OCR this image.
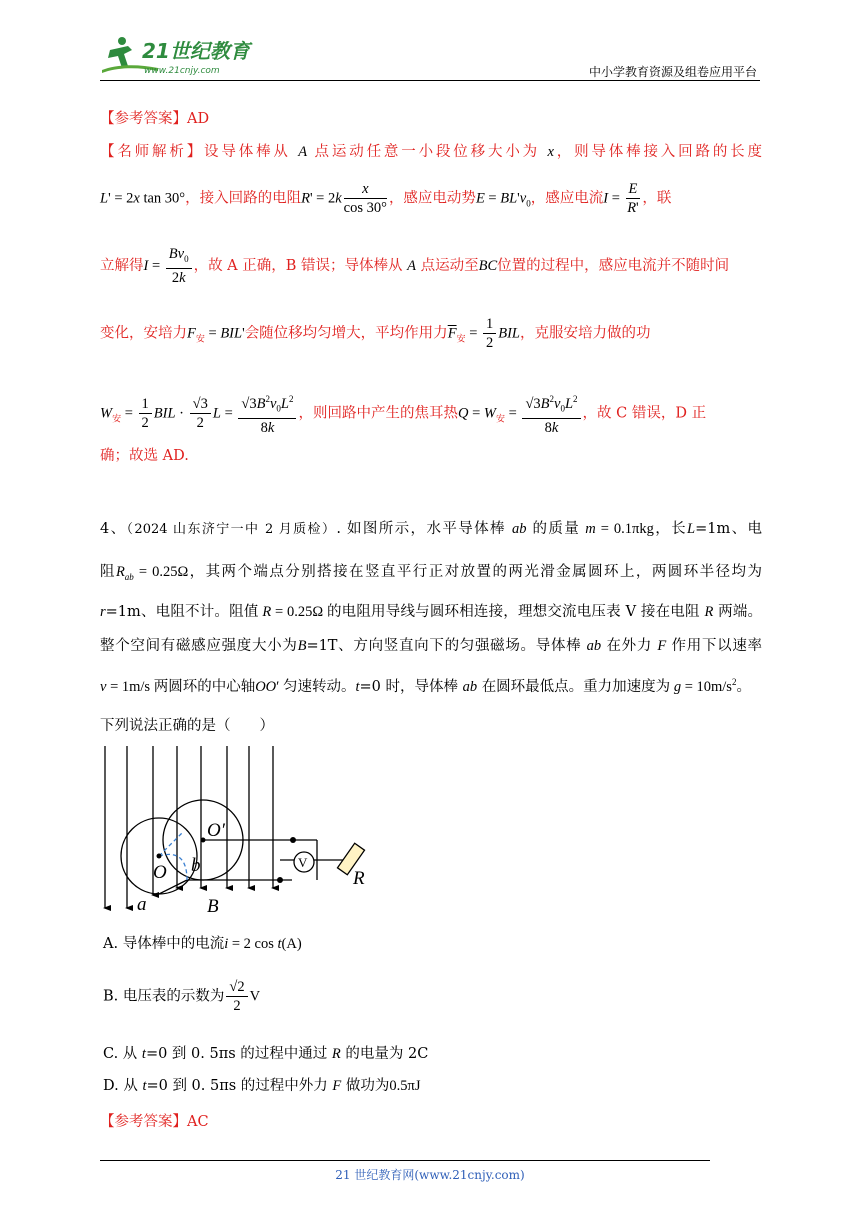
21世纪教育
www.21cnjy.com	中小学教育资源及组卷应用平台
【参考答案】AD
【名师解析】设导体棒从 A 点运动任意一小段位移大小为 x，则导体棒接入回路的长度
L' = 2x tan 30°，接入回路的电阻$R' = 2k \frac{x}{\cos 30^\circ}$ ，感应电动势$E = BL'v_0$，感应电流$I = \frac{E}{R'}$ ，联
立解得$I = \frac{Bv_0}{2k}$ ，故 A 正确，B 错误；导体棒从 A 点运动至BC位置的过程中，感应电流并不随时间
变化，安培力$F_安 = BIL'$会随位移均匀增大，平均作用力$\overline{F}_安 = \frac{1}{2}$ BIL，克服安培力做的功
$W_安 = \frac{1}{2}$ BIL · $\frac{√3}{2}$ $L = \frac{√3B^2v_0L^2}{8k}$ ，则回路中产生的焦耳热$Q = W_安 = \frac{√3B^2v_0L^2}{8k}$ ，故 C 错误，D 正
确；故选 AD.
4、（2024 山东济宁一中 2 月质检）. 如图所示，水平导体棒 ab 的质量 m = 0.1πkg，长L=1m、电
阻$R_{ab} = 0.25\Omega$，其两个端点分别搭接在竖直平行正对放置的两光滑金属圆环上，两圆环半径均为
r=1m、电阻不计。阻值 R = 0.25Ω 的电阻用导线与圆环相连接，理想交流电压表 V 接在电阻 R 两端。
整个空间有磁感应强度大小为B=1T、方向竖直向下的匀强磁场。导体棒 ab 在外力 F 作用下以速率
v = 1m/s 两圆环的中心轴OO′ 匀速转动。t=0 时，导体棒 ab 在圆环最低点。重力加速度为 $g = 10m/s^2$。
下列说法正确的是（　　）
O′
O b
a	B
R
V
A. 导体棒中的电流i = 2 cos t(A)
B. 电压表的示数为 $\frac{√2}{2}$ V
C. 从 t=0 到 0. 5πs 的过程中通过 R 的电量为 2C
D. 从 t=0 到 0. 5πs 的过程中外力 F 做功为0.5πJ
【参考答案】AC
21 世纪教育网(www.21cnjy.com)
